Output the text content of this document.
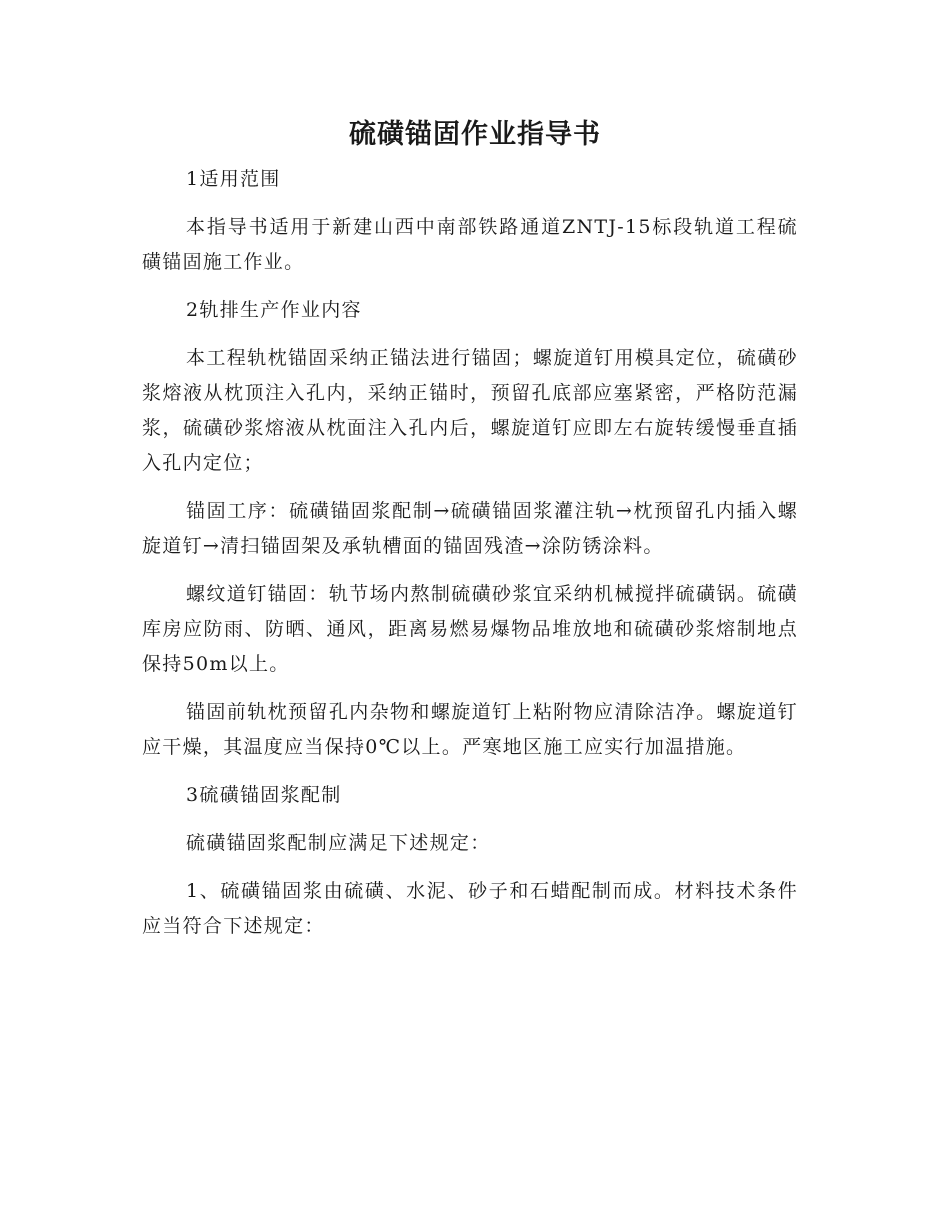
硫磺锚固作业指导书

1适用范围

本指导书适用于新建山西中南部铁路通道ZNTJ-15标段轨道工程硫磺锚固施工作业。

2轨排生产作业内容

本工程轨枕锚固采纳正锚法进行锚固；螺旋道钉用模具定位，硫磺砂浆熔液从枕顶注入孔内，采纳正锚时，预留孔底部应塞紧密，严格防范漏浆，硫磺砂浆熔液从枕面注入孔内后，螺旋道钉应即左右旋转缓慢垂直插入孔内定位；

锚固工序：硫磺锚固浆配制→硫磺锚固浆灌注轨→枕预留孔内插入螺旋道钉→清扫锚固架及承轨槽面的锚固残渣→涂防锈涂料。

螺纹道钉锚固：轨节场内熬制硫磺砂浆宜采纳机械搅拌硫磺锅。硫磺库房应防雨、防晒、通风，距离易燃易爆物品堆放地和硫磺砂浆熔制地点保持50m以上。

锚固前轨枕预留孔内杂物和螺旋道钉上粘附物应清除洁净。螺旋道钉应干燥，其温度应当保持0℃以上。严寒地区施工应实行加温措施。

3硫磺锚固浆配制

硫磺锚固浆配制应满足下述规定：

1、硫磺锚固浆由硫磺、水泥、砂子和石蜡配制而成。材料技术条件应当符合下述规定：
